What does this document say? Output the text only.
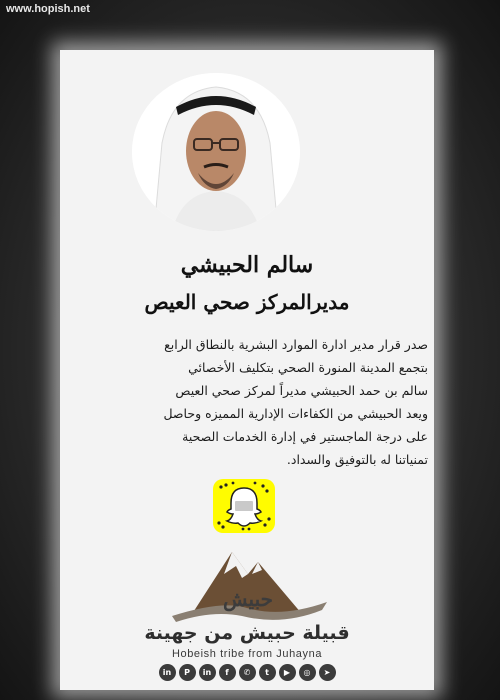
www.hopish.net
سالم الحبيشي
مديرالمركز صحي العيص
صدر قرار مدير ادارة الموارد البشرية بالنطاق الرابع
بتجمع المدينة المنورة الصحي بتكليف الأخصائي
سالم بن حمد الحبيشي مديراً لمركز صحي العيص
ويعد الحبيشي من الكفاءات الإدارية المميزه وحاصل
على درجة الماجستير في إدارة الخدمات الصحية
تمنياتنا له بالتوفيق والسداد.
حبيش
قبيلة حبيش من جهينة
Hobeish tribe from Juhayna
in	P	in	f	✆	t	▶	◎	➤
